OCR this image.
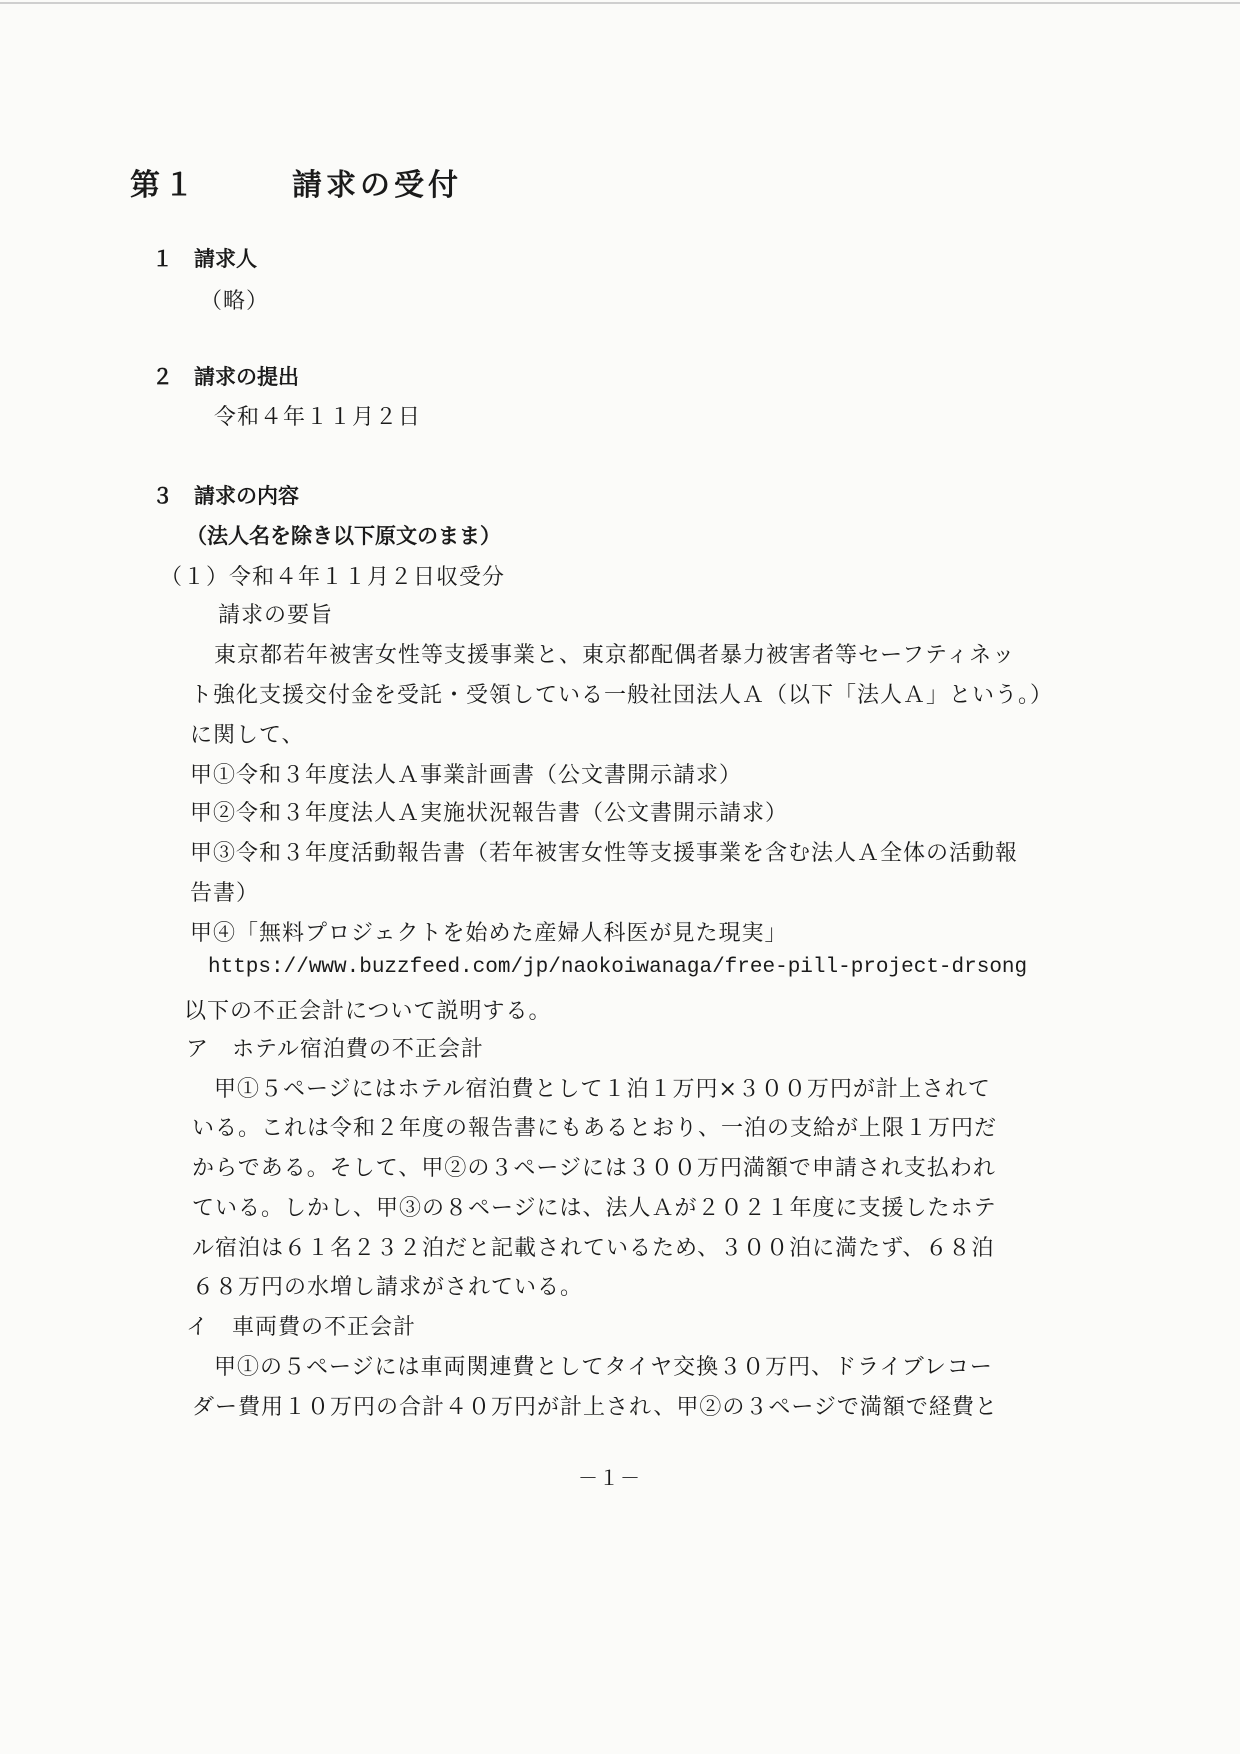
第１	請求の受付
１ 請求人
（略）
２ 請求の提出
令和４年１１月２日
３ 請求の内容
（法人名を除き以下原文のまま）
（１）令和４年１１月２日収受分
請求の要旨
東京都若年被害女性等支援事業と、東京都配偶者暴力被害者等セーフティネッ
ト強化支援交付金を受託・受領している一般社団法人Ａ（以下「法人Ａ」という。）
に関して、
甲①令和３年度法人Ａ事業計画書（公文書開示請求）
甲②令和３年度法人Ａ実施状況報告書（公文書開示請求）
甲③令和３年度活動報告書（若年被害女性等支援事業を含む法人Ａ全体の活動報
告書）
甲④「無料プロジェクトを始めた産婦人科医が見た現実」
https://www.buzzfeed.com/jp/naokoiwanaga/free-pill-project-drsong
以下の不正会計について説明する。
ア　ホテル宿泊費の不正会計
甲①５ページにはホテル宿泊費として１泊１万円×３００万円が計上されて
いる。これは令和２年度の報告書にもあるとおり、一泊の支給が上限１万円だ
からである。そして、甲②の３ページには３００万円満額で申請され支払われ
ている。しかし、甲③の８ページには、法人Ａが２０２１年度に支援したホテ
ル宿泊は６１名２３２泊だと記載されているため、３００泊に満たず、６８泊
６８万円の水増し請求がされている。
イ　車両費の不正会計
甲①の５ページには車両関連費としてタイヤ交換３０万円、ドライブレコー
ダー費用１０万円の合計４０万円が計上され、甲②の３ページで満額で経費と
－１－
